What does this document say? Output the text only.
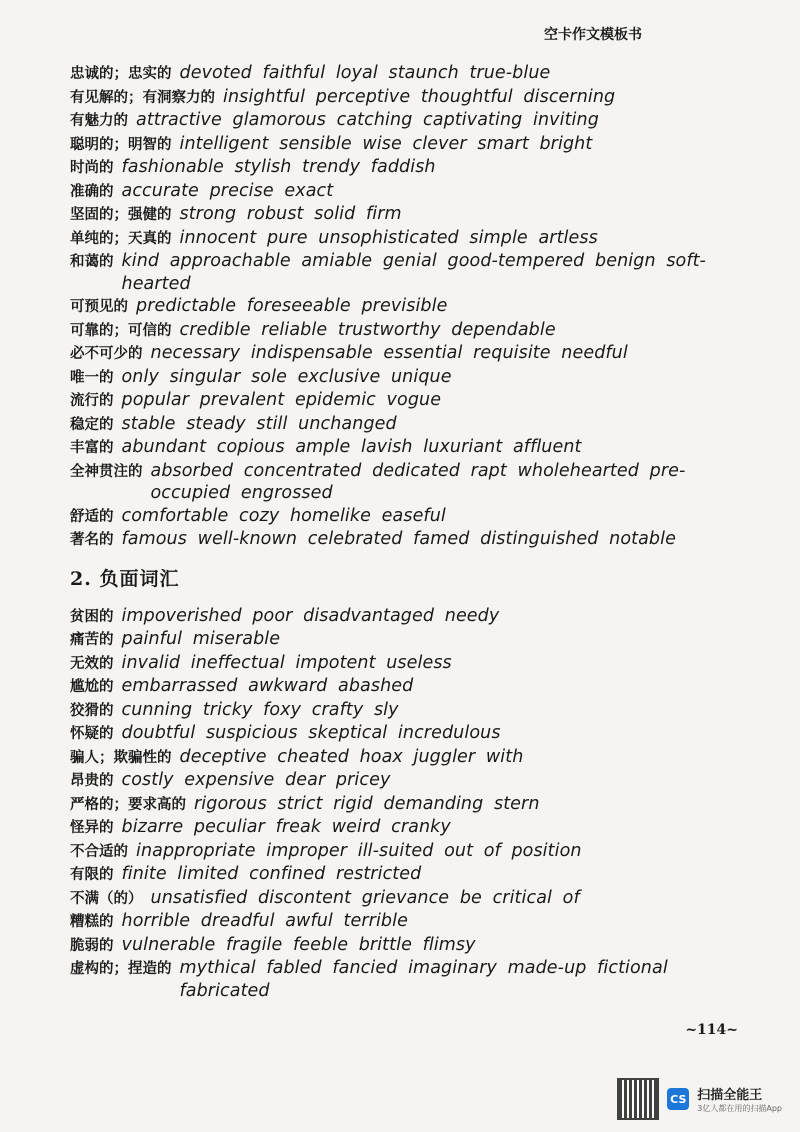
空卡作文模板书
忠诚的；忠实的 devoted faithful loyal staunch true-blue
有见解的；有洞察力的 insightful perceptive thoughtful discerning
有魅力的 attractive glamorous catching captivating inviting
聪明的；明智的 intelligent sensible wise clever smart bright
时尚的 fashionable stylish trendy faddish
准确的 accurate precise exact
坚固的；强健的 strong robust solid firm
单纯的；天真的 innocent pure unsophisticated simple artless
和蔼的 kind approachable amiable genial good-tempered benign soft-
hearted
可预见的 predictable foreseeable previsible
可靠的；可信的 credible reliable trustworthy dependable
必不可少的 necessary indispensable essential requisite needful
唯一的 only singular sole exclusive unique
流行的 popular prevalent epidemic vogue
稳定的 stable steady still unchanged
丰富的 abundant copious ample lavish luxuriant affluent
全神贯注的 absorbed concentrated dedicated rapt wholehearted pre-
occupied engrossed
舒适的 comfortable cozy homelike easeful
著名的 famous well-known celebrated famed distinguished notable
2. 负面词汇
贫困的 impoverished poor disadvantaged needy
痛苦的 painful miserable
无效的 invalid ineffectual impotent useless
尴尬的 embarrassed awkward abashed
狡猾的 cunning tricky foxy crafty sly
怀疑的 doubtful suspicious skeptical incredulous
骗人；欺骗性的 deceptive cheated hoax juggler with
昂贵的 costly expensive dear pricey
严格的；要求高的 rigorous strict rigid demanding stern
怪异的 bizarre peculiar freak weird cranky
不合适的 inappropriate improper ill-suited out of position
有限的 finite limited confined restricted
不满（的） unsatisfied discontent grievance be critical of
糟糕的 horrible dreadful awful terrible
脆弱的 vulnerable fragile feeble brittle flimsy
虚构的；捏造的 mythical fabled fancied imaginary made-up fictional
fabricated
~114~
CS 扫描全能王
3亿人都在用的扫描App
